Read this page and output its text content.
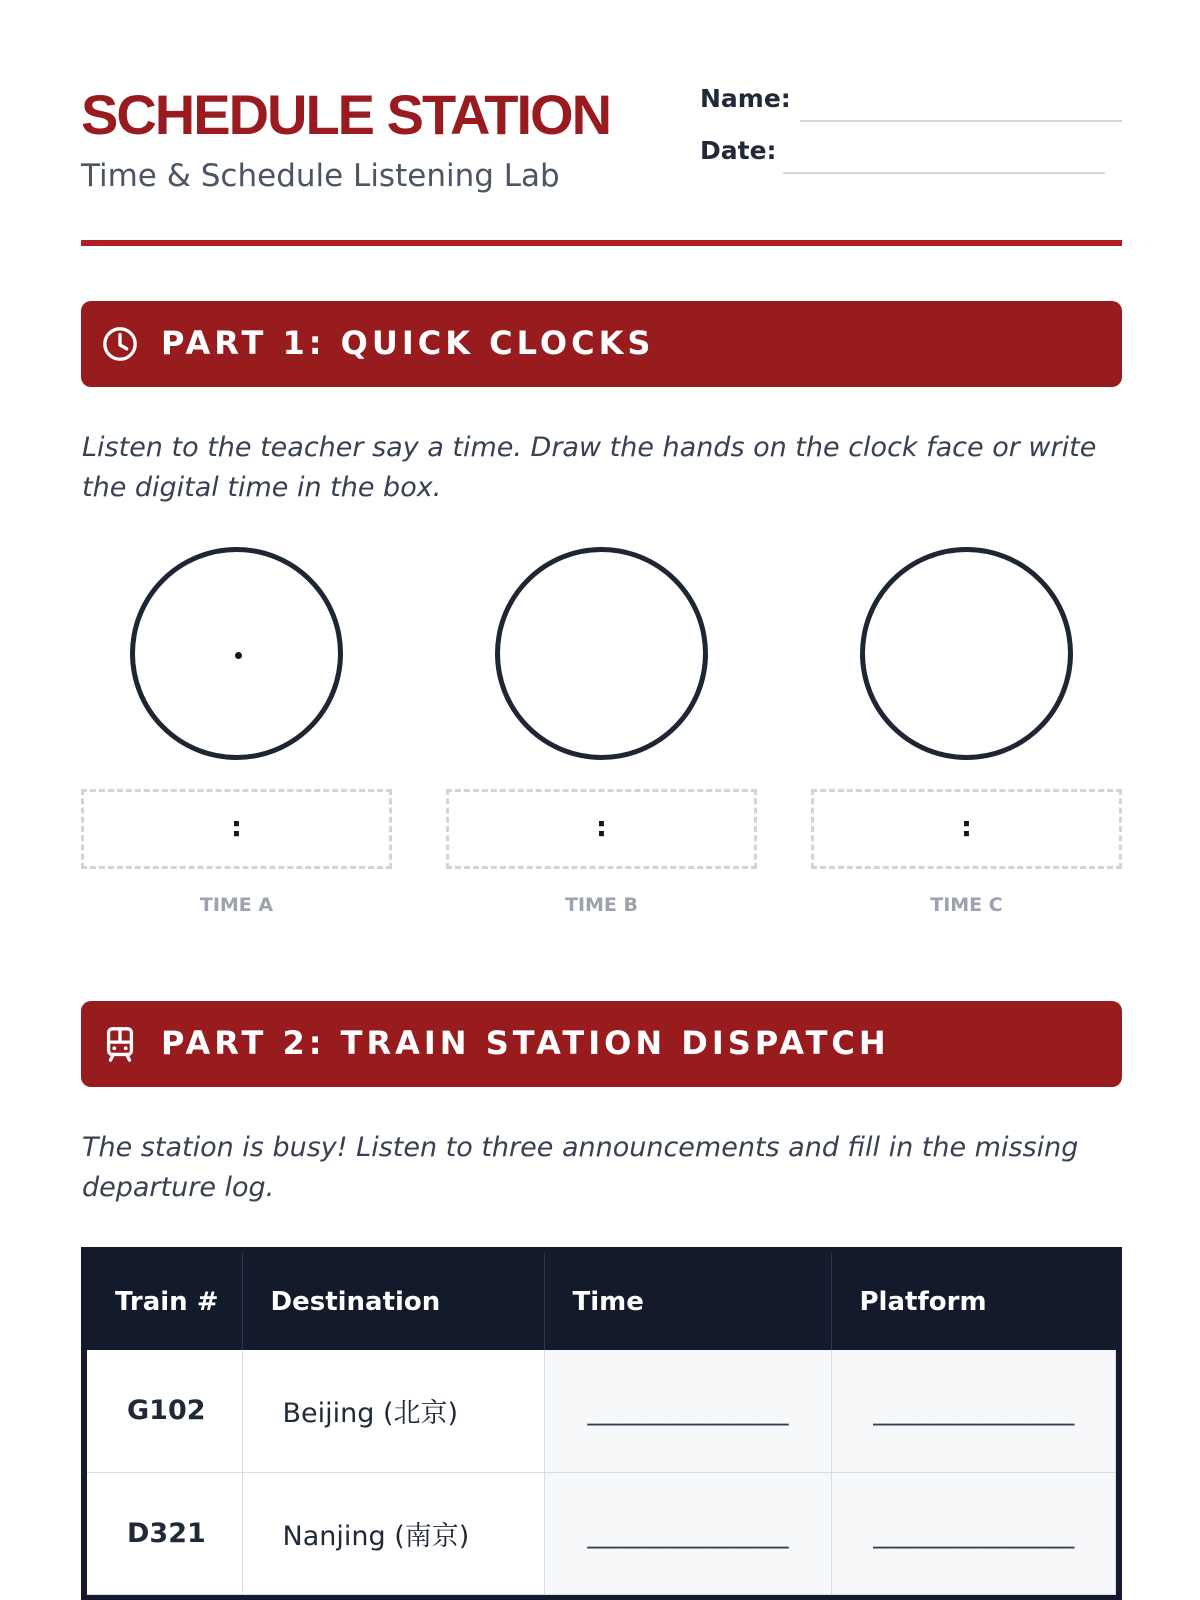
SCHEDULE STATION
Time & Schedule Listening Lab
Name:
Date:
PART 1: QUICK CLOCKS
Listen to the teacher say a time. Draw the hands on the clock face or write the digital time in the box.
:
TIME A
:
TIME B
:
TIME C
PART 2: TRAIN STATION DISPATCH
The station is busy! Listen to three announcements and fill in the missing departure log.
Train #	Destination	Time	Platform
G102	Beijing (北京)	________________	________________
D321	Nanjing (南京)	________________	________________
